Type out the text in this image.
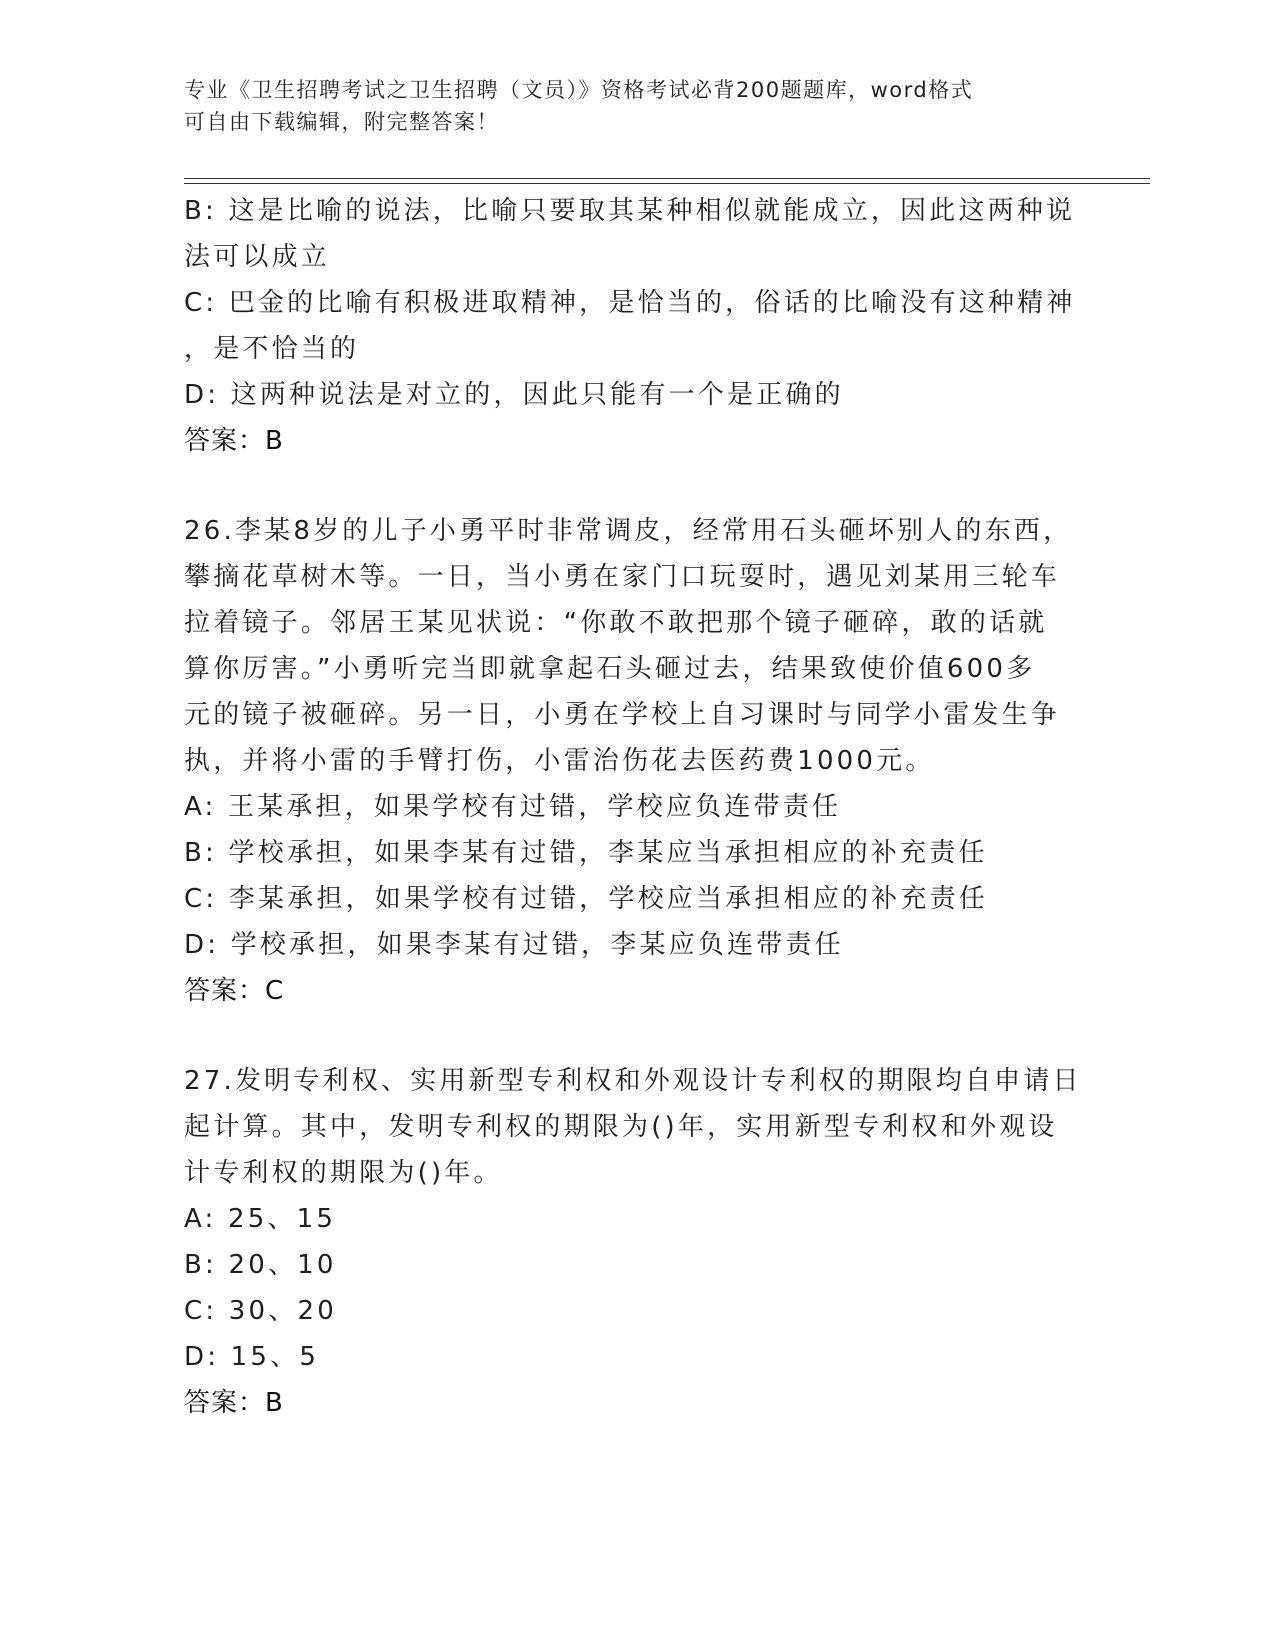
专业《卫生招聘考试之卫生招聘（文员）》资格考试必背200题题库，word格式
可自由下载编辑，附完整答案！
B: 这是比喻的说法，比喻只要取其某种相似就能成立，因此这两种说
法可以成立
C: 巴金的比喻有积极进取精神，是恰当的，俗话的比喻没有这种精神
，是不恰当的
D: 这两种说法是对立的，因此只能有一个是正确的
答案：B
26.李某8岁的儿子小勇平时非常调皮，经常用石头砸坏别人的东西，
攀摘花草树木等。一日，当小勇在家门口玩耍时，遇见刘某用三轮车
拉着镜子。邻居王某见状说：“你敢不敢把那个镜子砸碎，敢的话就
算你厉害。”小勇听完当即就拿起石头砸过去，结果致使价值600多
元的镜子被砸碎。另一日，小勇在学校上自习课时与同学小雷发生争
执，并将小雷的手臂打伤，小雷治伤花去医药费1000元。
A: 王某承担，如果学校有过错，学校应负连带责任
B: 学校承担，如果李某有过错，李某应当承担相应的补充责任
C: 李某承担，如果学校有过错，学校应当承担相应的补充责任
D: 学校承担，如果李某有过错，李某应负连带责任
答案：C
27.发明专利权、实用新型专利权和外观设计专利权的期限均自申请日
起计算。其中，发明专利权的期限为()年，实用新型专利权和外观设
计专利权的期限为()年。
A: 25、15
B: 20、10
C: 30、20
D: 15、5
答案：B
